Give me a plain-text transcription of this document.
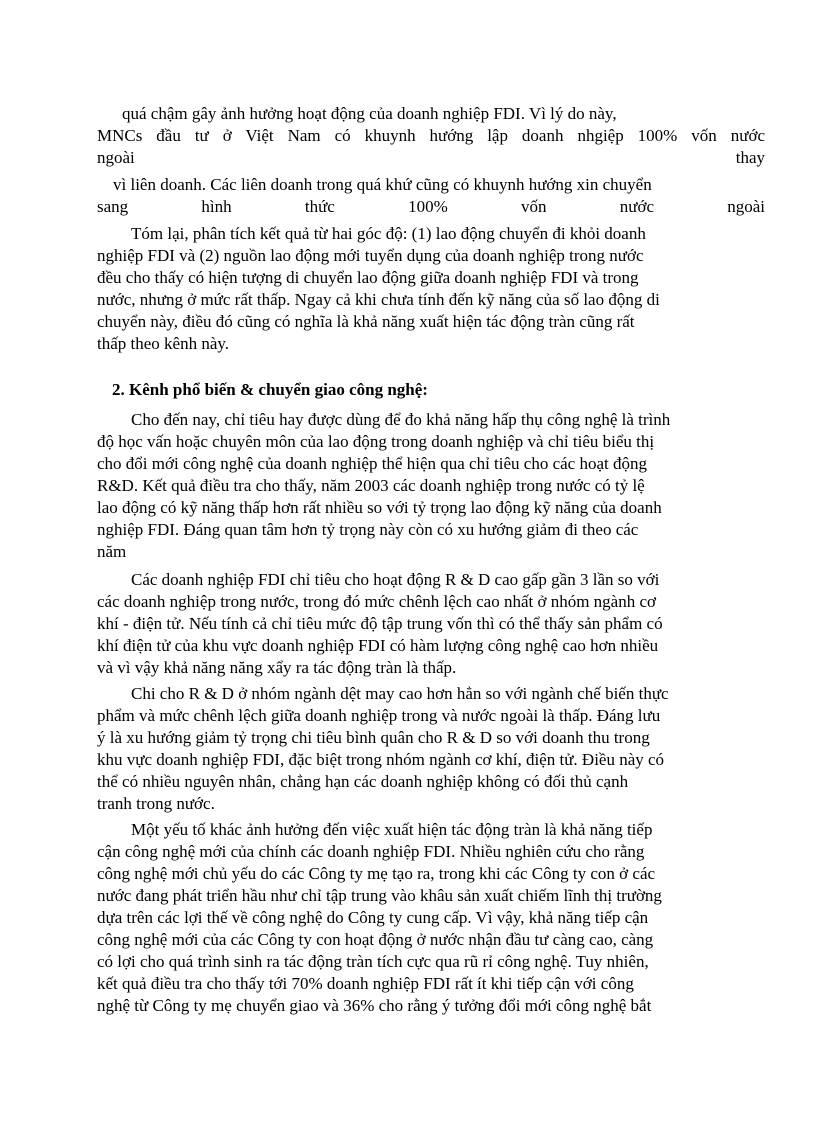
quá chậm gây ảnh hưởng hoạt động của doanh nghiệp FDI. Vì lý do này,
MNCs đầu tư ở Việt Nam có khuynh hướng lập doanh nhgiệp 100% vốn nước
ngoài	thay
vì liên doanh. Các liên doanh trong quá khứ cũng có khuynh hướng xin chuyển
sang	hình	thức	100%	vốn	nước	ngoài
Tóm lại, phân tích kết quả từ hai góc độ: (1) lao động chuyển đi khỏi doanh
nghiệp FDI và (2) nguồn lao động mới tuyển dụng của doanh nghiệp trong nước
đều cho thấy có hiện tượng di chuyển lao động giữa doanh nghiệp FDI và trong
nước, nhưng ở mức rất thấp. Ngay cả khi chưa tính đến kỹ năng của số lao động di
chuyển này, điều đó cũng có nghĩa là khả năng xuất hiện tác động tràn cũng rất
thấp theo kênh này.
2. Kênh phổ biến & chuyển giao công nghệ:
Cho đến nay, chỉ tiêu hay được dùng để đo khả năng hấp thụ công nghệ là trình
độ học vấn hoặc chuyên môn của lao động trong doanh nghiệp và chỉ tiêu biểu thị
cho đổi mới công nghệ của doanh nghiệp thể hiện qua chỉ tiêu cho các hoạt động
R&D. Kết quả điều tra cho thấy, năm 2003 các doanh nghiệp trong nước có tỷ lệ
lao động có kỹ năng thấp hơn rất nhiều so với tỷ trọng lao động kỹ năng của doanh
nghiệp FDI. Đáng quan tâm hơn tỷ trọng này còn có xu hướng giảm đi theo các
năm
Các doanh nghiệp FDI chỉ tiêu cho hoạt động R & D cao gấp gần 3 lần so với
các doanh nghiệp trong nước, trong đó mức chênh lệch cao nhất ở nhóm ngành cơ
khí - điện tử. Nếu tính cả chỉ tiêu mức độ tập trung vốn thì có thể thấy sản phẩm có
khí điện tử của khu vực doanh nghiệp FDI có hàm lượng công nghệ cao hơn nhiều
và vì vậy khả năng năng xẩy ra tác động tràn là thấp.
Chi cho R & D ở nhóm ngành dệt may cao hơn hẳn so với ngành chế biến thực
phẩm và mức chênh lệch giữa doanh nghiệp trong và nước ngoài là thấp. Đáng lưu
ý là xu hướng giảm tỷ trọng chi tiêu bình quân cho R & D so với doanh thu trong
khu vực doanh nghiệp FDI, đặc biệt trong nhóm ngành cơ khí, điện tử. Điều này có
thể có nhiều nguyên nhân, chẳng hạn các doanh nghiệp không có đối thủ cạnh
tranh trong nước.
Một yếu tố khác ảnh hưởng đến việc xuất hiện tác động tràn là khả năng tiếp
cận công nghệ mới của chính các doanh nghiệp FDI. Nhiều nghiên cứu cho rằng
công nghệ mới chủ yếu do các Công ty mẹ tạo ra, trong khi các Công ty con ở các
nước đang phát triển hầu như chỉ tập trung vào khâu sản xuất chiếm lĩnh thị trường
dựa trên các lợi thế về công nghệ do Công ty cung cấp. Vì vậy, khả năng tiếp cận
công nghệ mới của các Công ty con hoạt động ở nước nhận đầu tư càng cao, càng
có lợi cho quá trình sinh ra tác động tràn tích cực qua rũ rỉ công nghệ. Tuy nhiên,
kết quả điều tra cho thấy tới 70% doanh nghiệp FDI rất ít khi tiếp cận với công
nghệ từ Công ty mẹ chuyển giao và 36% cho rằng ý tưởng đổi mới công nghệ bắt
